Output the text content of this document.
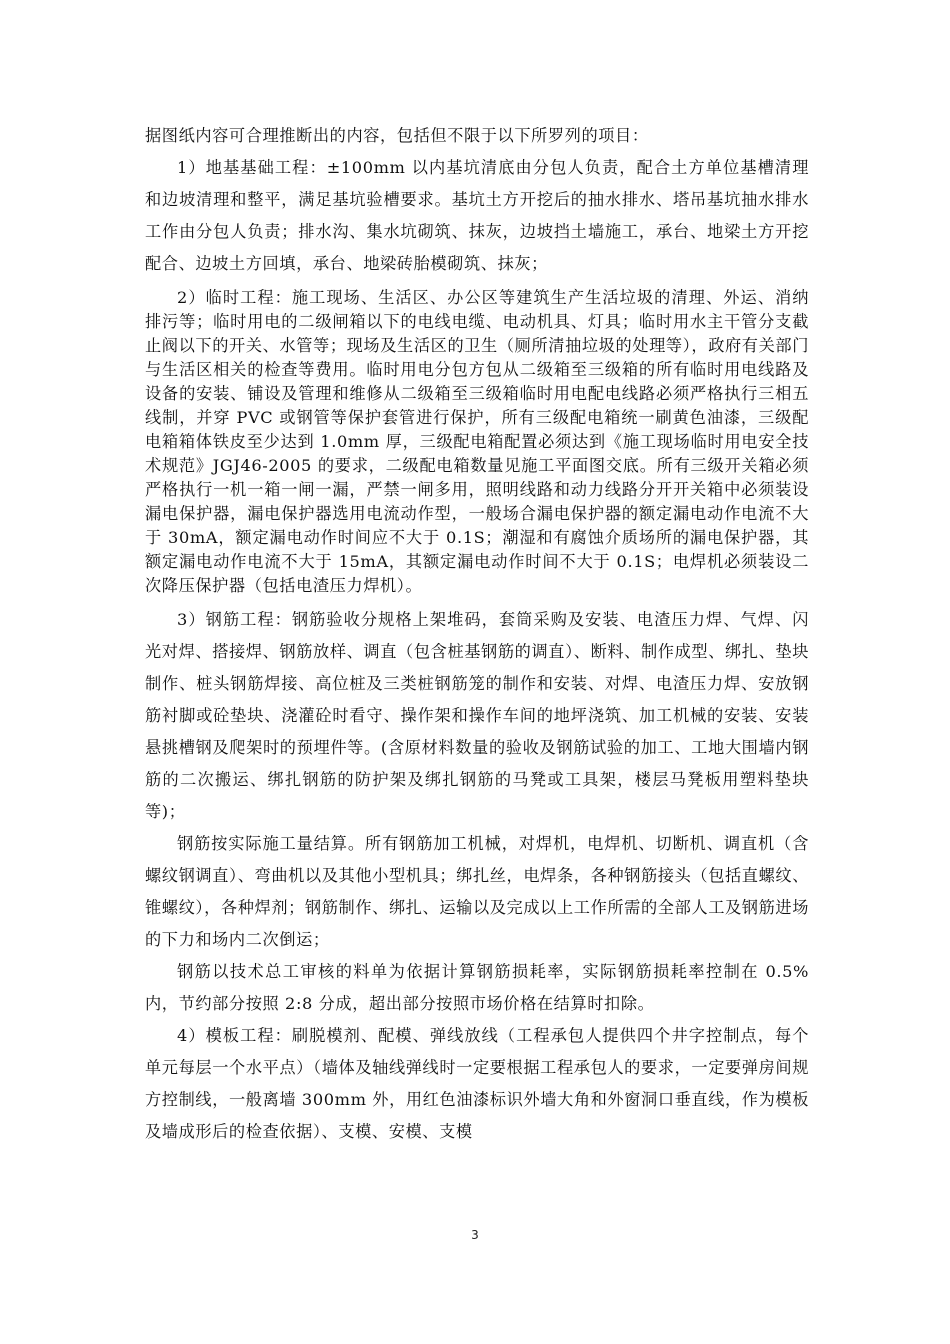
据图纸内容可合理推断出的内容，包括但不限于以下所罗列的项目：

1）地基基础工程：±100mm 以内基坑清底由分包人负责，配合土方单位基槽清理和边坡清理和整平，满足基坑验槽要求。基坑土方开挖后的抽水排水、塔吊基坑抽水排水工作由分包人负责；排水沟、集水坑砌筑、抹灰，边坡挡土墙施工，承台、地梁土方开挖配合、边坡土方回填，承台、地梁砖胎模砌筑、抹灰；

2）临时工程：施工现场、生活区、办公区等建筑生产生活垃圾的清理、外运、消纳排污等；临时用电的二级闸箱以下的电线电缆、电动机具、灯具；临时用水主干管分支截止阀以下的开关、水管等；现场及生活区的卫生（厕所清抽垃圾的处理等），政府有关部门与生活区相关的检查等费用。临时用电分包方包从二级箱至三级箱的所有临时用电线路及设备的安装、铺设及管理和维修从二级箱至三级箱临时用电配电线路必须严格执行三相五线制，并穿 PVC 或钢管等保护套管进行保护，所有三级配电箱统一刷黄色油漆，三级配电箱箱体铁皮至少达到 1.0mm 厚，三级配电箱配置必须达到《施工现场临时用电安全技术规范》JGJ46-2005 的要求，二级配电箱数量见施工平面图交底。所有三级开关箱必须严格执行一机一箱一闸一漏，严禁一闸多用，照明线路和动力线路分开开关箱中必须装设漏电保护器，漏电保护器选用电流动作型，一般场合漏电保护器的额定漏电动作电流不大于 30mA，额定漏电动作时间应不大于 0.1S；潮湿和有腐蚀介质场所的漏电保护器，其额定漏电动作电流不大于 15mA，其额定漏电动作时间不大于 0.1S；电焊机必须装设二次降压保护器（包括电渣压力焊机）。

3）钢筋工程：钢筋验收分规格上架堆码，套筒采购及安装、电渣压力焊、气焊、闪光对焊、搭接焊、钢筋放样、调直（包含桩基钢筋的调直）、断料、制作成型、绑扎、垫块制作、桩头钢筋焊接、高位桩及三类桩钢筋笼的制作和安装、对焊、电渣压力焊、安放钢筋衬脚或砼垫块、浇灌砼时看守、操作架和操作车间的地坪浇筑、加工机械的安装、安装悬挑槽钢及爬架时的预埋件等。(含原材料数量的验收及钢筋试验的加工、工地大围墙内钢筋的二次搬运、绑扎钢筋的防护架及绑扎钢筋的马凳或工具架，楼层马凳板用塑料垫块等)；

钢筋按实际施工量结算。所有钢筋加工机械，对焊机，电焊机、切断机、调直机（含螺纹钢调直）、弯曲机以及其他小型机具；绑扎丝，电焊条，各种钢筋接头（包括直螺纹、锥螺纹），各种焊剂；钢筋制作、绑扎、运输以及完成以上工作所需的全部人工及钢筋进场的下力和场内二次倒运；

钢筋以技术总工审核的料单为依据计算钢筋损耗率，实际钢筋损耗率控制在 0.5%内，节约部分按照 2:8 分成，超出部分按照市场价格在结算时扣除。

4）模板工程：刷脱模剂、配模、弹线放线（工程承包人提供四个井字控制点，每个单元每层一个水平点）（墙体及轴线弹线时一定要根据工程承包人的要求，一定要弹房间规方控制线，一般离墙 300mm 外，用红色油漆标识外墙大角和外窗洞口垂直线，作为模板及墙成形后的检查依据）、支模、安模、支模

3
